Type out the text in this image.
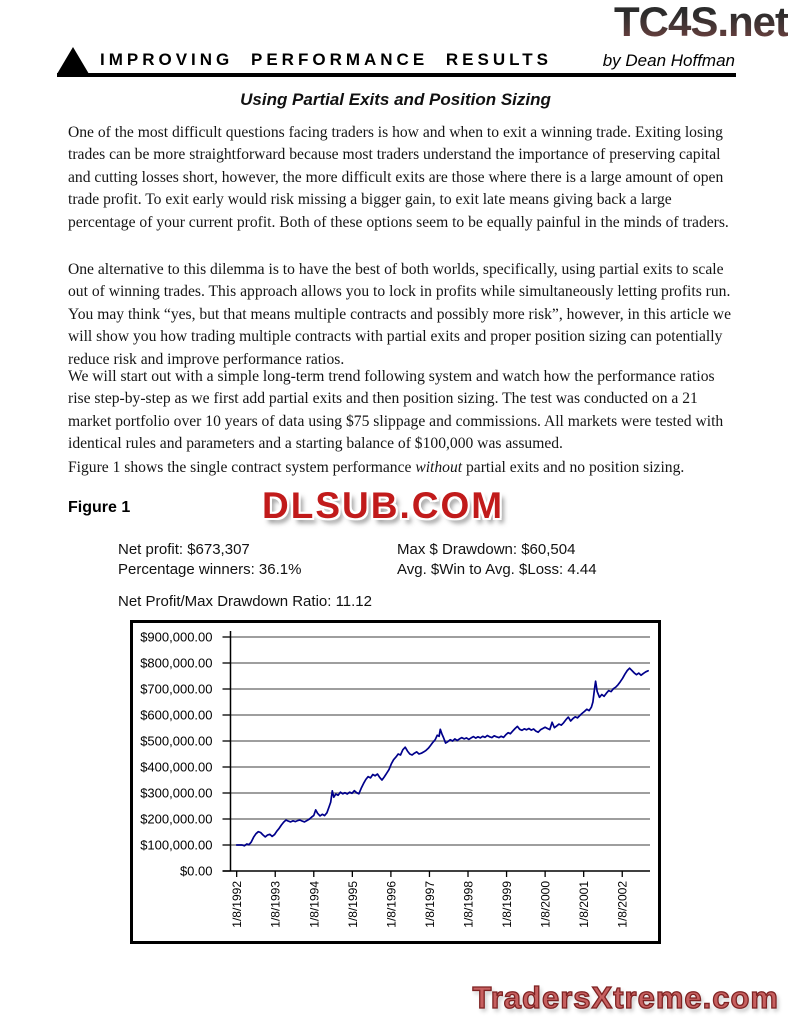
TC4S.net
IMPROVING PERFORMANCE RESULTS	by Dean Hoffman
Using Partial Exits and Position Sizing
One of the most difficult questions facing traders is how and when to exit a winning trade. Exiting losing trades can be more straightforward because most traders understand the importance of preserving capital and cutting losses short, however, the more difficult exits are those where there is a large amount of open trade profit. To exit early would risk missing a bigger gain, to exit late means giving back a large percentage of your current profit. Both of these options seem to be equally painful in the minds of traders.
One alternative to this dilemma is to have the best of both worlds, specifically, using partial exits to scale out of winning trades. This approach allows you to lock in profits while simultaneously letting profits run. You may think “yes, but that means multiple contracts and possibly more risk”, however, in this article we will show you how trading multiple contracts with partial exits and proper position sizing can potentially reduce risk and improve performance ratios.
We will start out with a simple long-term trend following system and watch how the performance ratios rise step-by-step as we first add partial exits and then position sizing. The test was conducted on a 21 market portfolio over 10 years of data using $75 slippage and commissions. All markets were tested with identical rules and parameters and a starting balance of $100,000 was assumed.
Figure 1 shows the single contract system performance without partial exits and no position sizing.
Figure 1	DLSUB.COM
Net profit: $673,307
Percentage winners: 36.1%
Max $ Drawdown: $60,504
Avg. $Win to Avg. $Loss: 4.44
Net Profit/Max Drawdown Ratio: 11.12
$0.00
$100,000.00
$200,000.00
$300,000.00
$400,000.00
$500,000.00
$600,000.00
$700,000.00
$800,000.00
$900,000.00
1/8/1992 1/8/1993 1/8/1994 1/8/1995 1/8/1996 1/8/1997 1/8/1998 1/8/1999 1/8/2000 1/8/2001 1/8/2002
TradersXtreme.com
